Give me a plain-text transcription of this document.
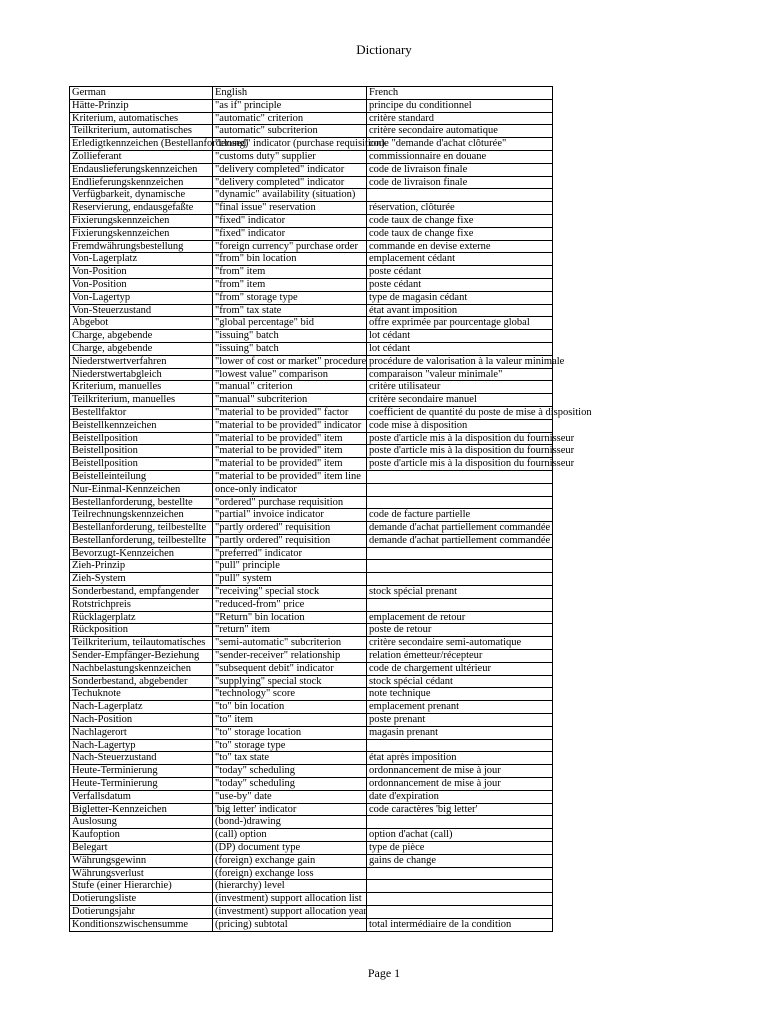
Dictionary
German	English	French
Hätte-Prinzip	"as if" principle	principe du conditionnel
Kriterium, automatisches	"automatic" criterion	critère standard
Teilkriterium, automatisches	"automatic" subcriterion	critère secondaire automatique
Erledigtkennzeichen (Bestellanforderung)	"closed" indicator (purchase requisition)	code "demande d'achat clôturée"
Zollieferant	"customs duty" supplier	commissionnaire en douane
Endauslieferungskennzeichen	"delivery completed" indicator	code de livraison finale
Endlieferungskennzeichen	"delivery completed" indicator	code de livraison finale
Verfügbarkeit, dynamische	"dynamic" availability (situation)	
Reservierung, endausgefaßte	"final issue" reservation	réservation, clôturée
Fixierungskennzeichen	"fixed" indicator	code taux de change fixe
Fixierungskennzeichen	"fixed" indicator	code taux de change fixe
Fremdwährungsbestellung	"foreign currency" purchase order	commande en devise externe
Von-Lagerplatz	"from" bin location	emplacement cédant
Von-Position	"from" item	poste cédant
Von-Position	"from" item	poste cédant
Von-Lagertyp	"from" storage type	type de magasin cédant
Von-Steuerzustand	"from" tax state	état avant imposition
Abgebot	"global percentage" bid	offre exprimée par pourcentage global
Charge, abgebende	"issuing" batch	lot cédant
Charge, abgebende	"issuing" batch	lot cédant
Niederstwertverfahren	"lower of cost or market" procedure	procédure de valorisation à la valeur minimale
Niederstwertabgleich	"lowest value" comparison	comparaison "valeur minimale"
Kriterium, manuelles	"manual" criterion	critère utilisateur
Teilkriterium, manuelles	"manual" subcriterion	critère secondaire manuel
Bestellfaktor	"material to be provided" factor	coefficient de quantité du poste de mise à disposition
Beistellkennzeichen	"material to be provided" indicator	code mise à disposition
Beistellposition	"material to be provided" item	poste d'article mis à la disposition du fournisseur
Beistellposition	"material to be provided" item	poste d'article mis à la disposition du fournisseur
Beistellposition	"material to be provided" item	poste d'article mis à la disposition du fournisseur
Beistelleinteilung	"material to be provided" item line	
Nur-Einmal-Kennzeichen	once-only indicator	
Bestellanforderung, bestellte	"ordered" purchase requisition	
Teilrechnungskennzeichen	"partial" invoice indicator	code de facture partielle
Bestellanforderung, teilbestellte	"partly ordered" requisition	demande d'achat partiellement commandée
Bestellanforderung, teilbestellte	"partly ordered" requisition	demande d'achat partiellement commandée
Bevorzugt-Kennzeichen	"preferred" indicator	
Zieh-Prinzip	"pull" principle	
Zieh-System	"pull" system	
Sonderbestand, empfangender	"receiving" special stock	stock spécial prenant
Rotstrichpreis	"reduced-from" price	
Rücklagerplatz	"Return" bin location	emplacement de retour
Rückposition	"return" item	poste de retour
Teilkriterium, teilautomatisches	"semi-automatic" subcriterion	critère secondaire semi-automatique
Sender-Empfänger-Beziehung	"sender-receiver" relationship	relation émetteur/récepteur
Nachbelastungskennzeichen	"subsequent debit" indicator	code de chargement ultérieur
Sonderbestand, abgebender	"supplying" special stock	stock spécial cédant
Techuknote	"technology" score	note technique
Nach-Lagerplatz	"to" bin location	emplacement prenant
Nach-Position	"to" item	poste prenant
Nachlagerort	"to" storage location	magasin prenant
Nach-Lagertyp	"to" storage type	
Nach-Steuerzustand	"to" tax state	état après imposition
Heute-Terminierung	"today" scheduling	ordonnancement de mise à jour
Heute-Terminierung	"today" scheduling	ordonnancement de mise à jour
Verfallsdatum	"use-by" date	date d'expiration
Bigletter-Kennzeichen	'big letter' indicator	code caractères 'big letter'
Auslosung	(bond-)drawing	
Kaufoption	(call) option	option d'achat (call)
Belegart	(DP) document type	type de pièce
Währungsgewinn	(foreign) exchange gain	gains de change
Währungsverlust	(foreign) exchange loss	
Stufe (einer Hierarchie)	(hierarchy) level	
Dotierungsliste	(investment) support allocation list	
Dotierungsjahr	(investment) support allocation year	
Konditionszwischensumme	(pricing) subtotal	total intermédiaire de la condition
Page 1
